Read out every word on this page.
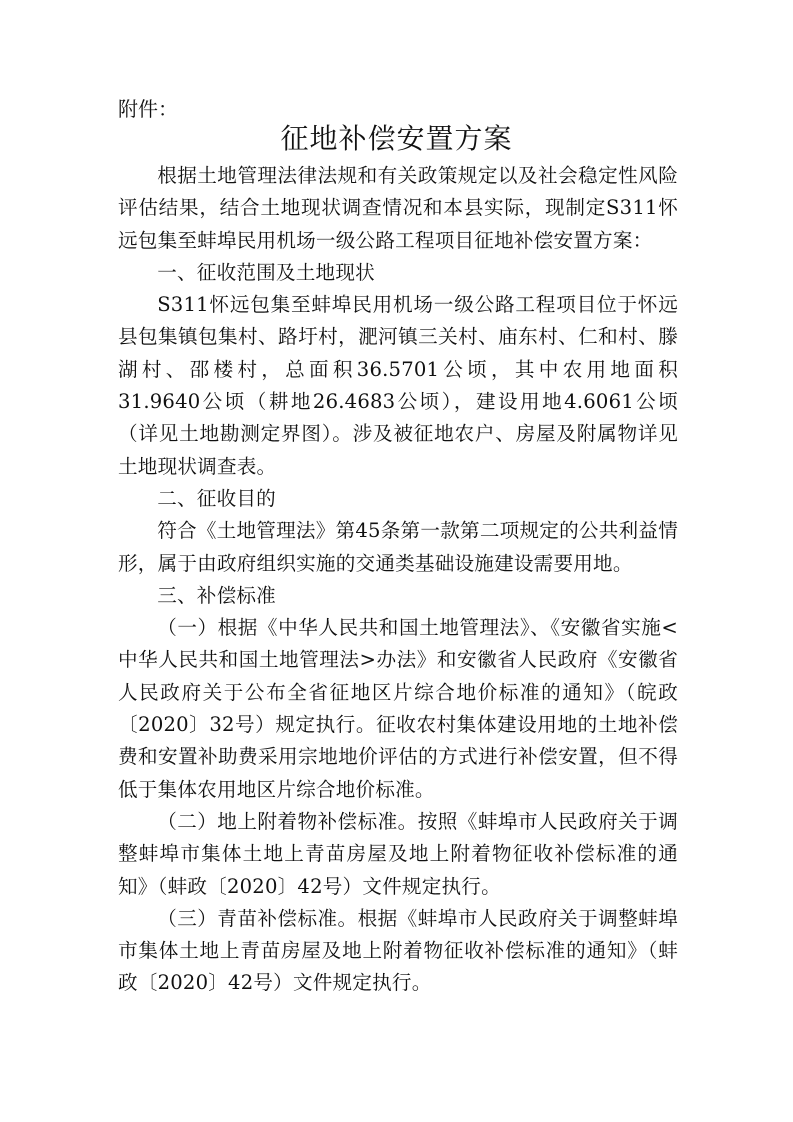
附件：
征地补偿安置方案

根据土地管理法律法规和有关政策规定以及社会稳定性风险评估结果，结合土地现状调查情况和本县实际，现制定S311怀远包集至蚌埠民用机场一级公路工程项目征地补偿安置方案：

一、征收范围及土地现状

S311怀远包集至蚌埠民用机场一级公路工程项目位于怀远县包集镇包集村、路圩村，淝河镇三关村、庙东村、仁和村、滕湖村、邵楼村，总面积36.5701公顷，其中农用地面积31.9640公顷（耕地26.4683公顷），建设用地4.6061公顷（详见土地勘测定界图）。涉及被征地农户、房屋及附属物详见土地现状调查表。

二、征收目的

符合《土地管理法》第45条第一款第二项规定的公共利益情形，属于由政府组织实施的交通类基础设施建设需要用地。

三、补偿标准

（一）根据《中华人民共和国土地管理法》、《安徽省实施<中华人民共和国土地管理法>办法》和安徽省人民政府《安徽省人民政府关于公布全省征地区片综合地价标准的通知》（皖政〔2020〕32号）规定执行。征收农村集体建设用地的土地补偿费和安置补助费采用宗地地价评估的方式进行补偿安置，但不得低于集体农用地区片综合地价标准。

（二）地上附着物补偿标准。按照《蚌埠市人民政府关于调整蚌埠市集体土地上青苗房屋及地上附着物征收补偿标准的通知》（蚌政〔2020〕42号）文件规定执行。

（三）青苗补偿标准。根据《蚌埠市人民政府关于调整蚌埠市集体土地上青苗房屋及地上附着物征收补偿标准的通知》（蚌政〔2020〕42号）文件规定执行。
